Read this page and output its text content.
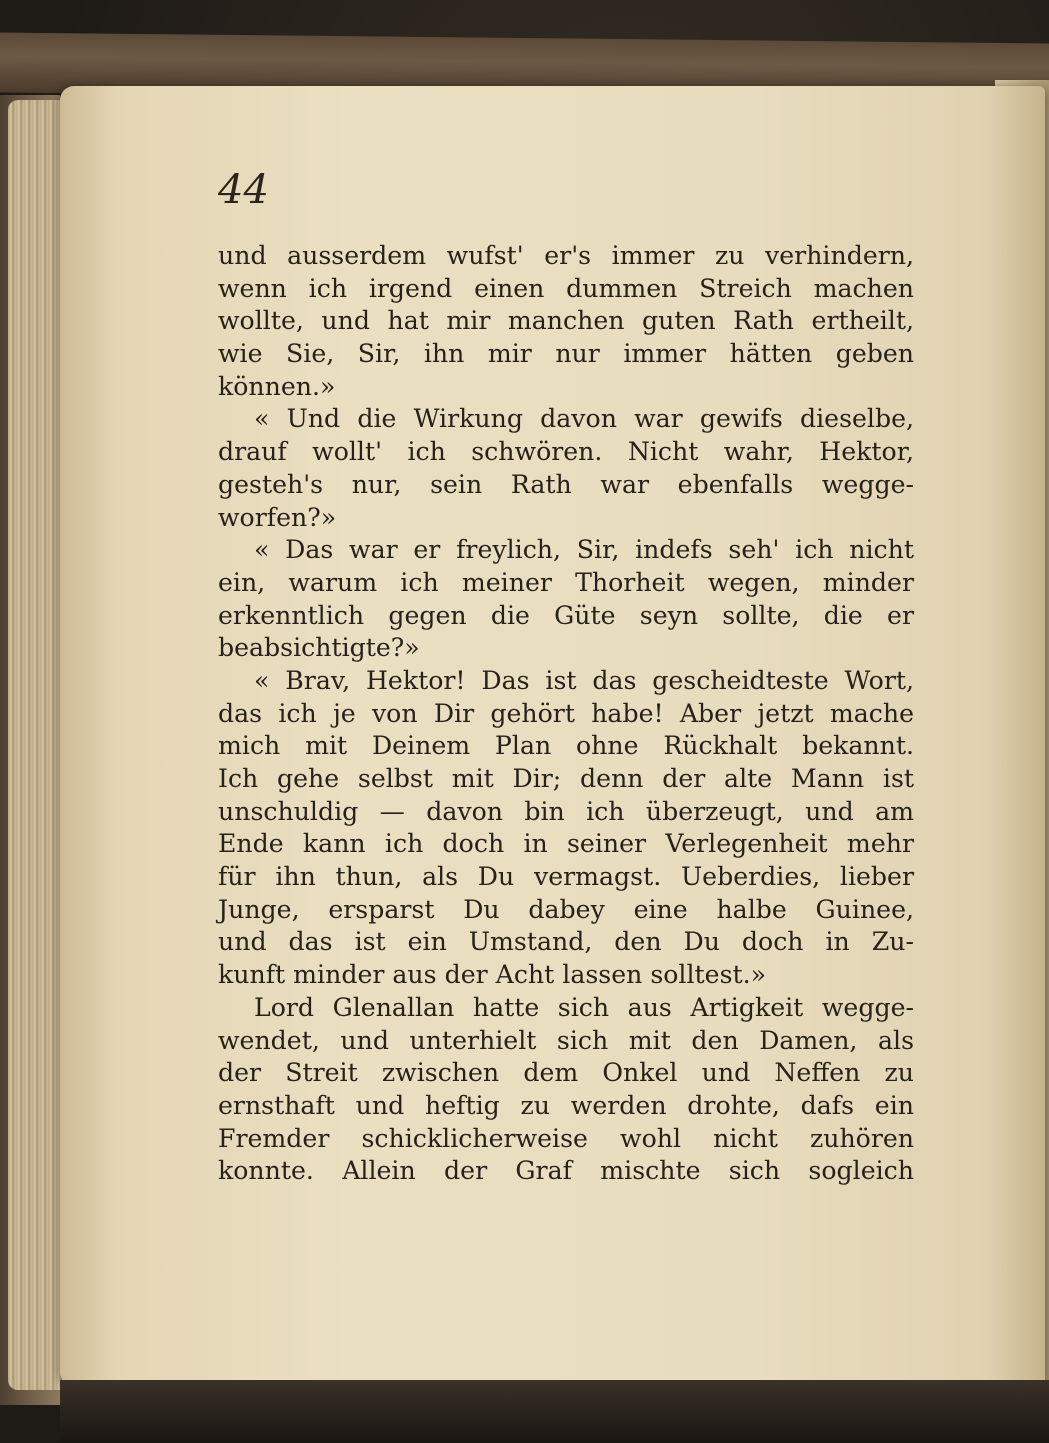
44
und ausserdem wufst' er's immer zu verhindern,
wenn ich irgend einen dummen Streich machen
wollte, und hat mir manchen guten Rath ertheilt,
wie Sie, Sir, ihn mir nur immer hätten geben
können.»
« Und die Wirkung davon war gewifs dieselbe,
drauf wollt' ich schwören. Nicht wahr, Hektor,
gesteh's nur, sein Rath war ebenfalls wegge-
worfen?»
« Das war er freylich, Sir, indefs seh' ich nicht
ein, warum ich meiner Thorheit wegen, minder
erkenntlich gegen die Güte seyn sollte, die er
beabsichtigte?»
« Brav, Hektor! Das ist das gescheidteste Wort,
das ich je von Dir gehört habe! Aber jetzt mache
mich mit Deinem Plan ohne Rückhalt bekannt.
Ich gehe selbst mit Dir; denn der alte Mann ist
unschuldig — davon bin ich überzeugt, und am
Ende kann ich doch in seiner Verlegenheit mehr
für ihn thun, als Du vermagst. Ueberdies, lieber
Junge, ersparst Du dabey eine halbe Guinee,
und das ist ein Umstand, den Du doch in Zu-
kunft minder aus der Acht lassen solltest.»
Lord Glenallan hatte sich aus Artigkeit wegge-
wendet, und unterhielt sich mit den Damen, als
der Streit zwischen dem Onkel und Neffen zu
ernsthaft und heftig zu werden drohte, dafs ein
Fremder schicklicherweise wohl nicht zuhören
konnte. Allein der Graf mischte sich sogleich
